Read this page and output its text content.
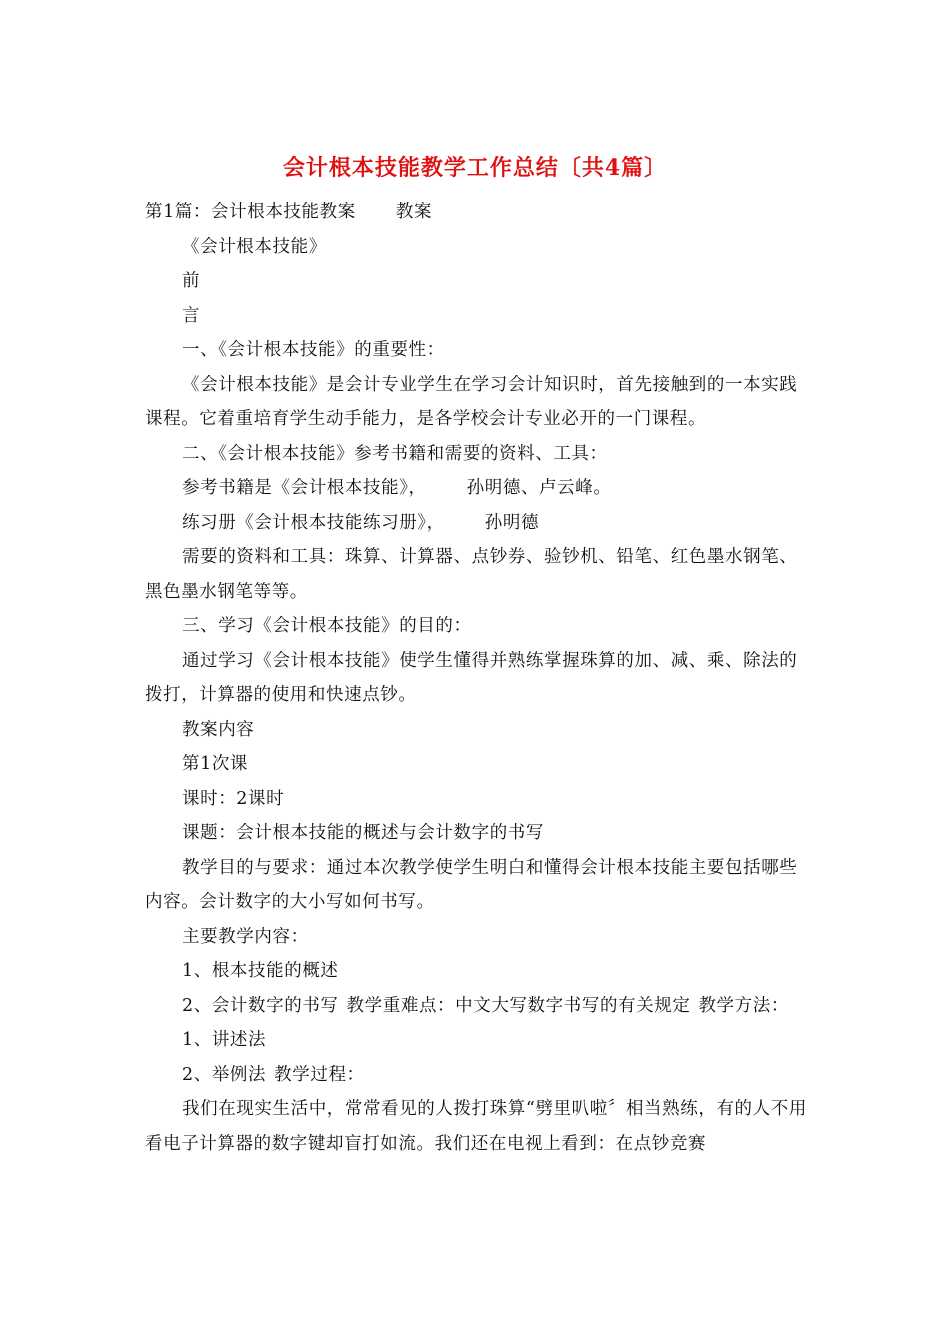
会计根本技能教学工作总结〔共4篇〕

第1篇：会计根本技能教案 教案

《会计根本技能》

前

言

一、《会计根本技能》的重要性：

《会计根本技能》是会计专业学生在学习会计知识时，首先接触到的一本实践课程。它着重培育学生动手能力，是各学校会计专业必开的一门课程。

二、《会计根本技能》参考书籍和需要的资料、工具：

参考书籍是《会计根本技能》， 孙明德、卢云峰。

练习册《会计根本技能练习册》， 孙明德

需要的资料和工具：珠算、计算器、点钞券、验钞机、铅笔、红色墨水钢笔、黑色墨水钢笔等等。

三、学习《会计根本技能》的目的：

通过学习《会计根本技能》使学生懂得并熟练掌握珠算的加、减、乘、除法的拨打，计算器的使用和快速点钞。

教案内容

第1次课

课时：2课时

课题：会计根本技能的概述与会计数字的书写

教学目的与要求：通过本次教学使学生明白和懂得会计根本技能主要包括哪些内容。会计数字的大小写如何书写。

主要教学内容：

1、根本技能的概述

2、会计数字的书写 教学重难点：中文大写数字书写的有关规定 教学方法：

1、讲述法

2、举例法 教学过程：

我们在现实生活中，常常看见的人拨打珠算“劈里叭啦〞相当熟练，有的人不用看电子计算器的数字键却盲打如流。我们还在电视上看到：在点钞竞赛
